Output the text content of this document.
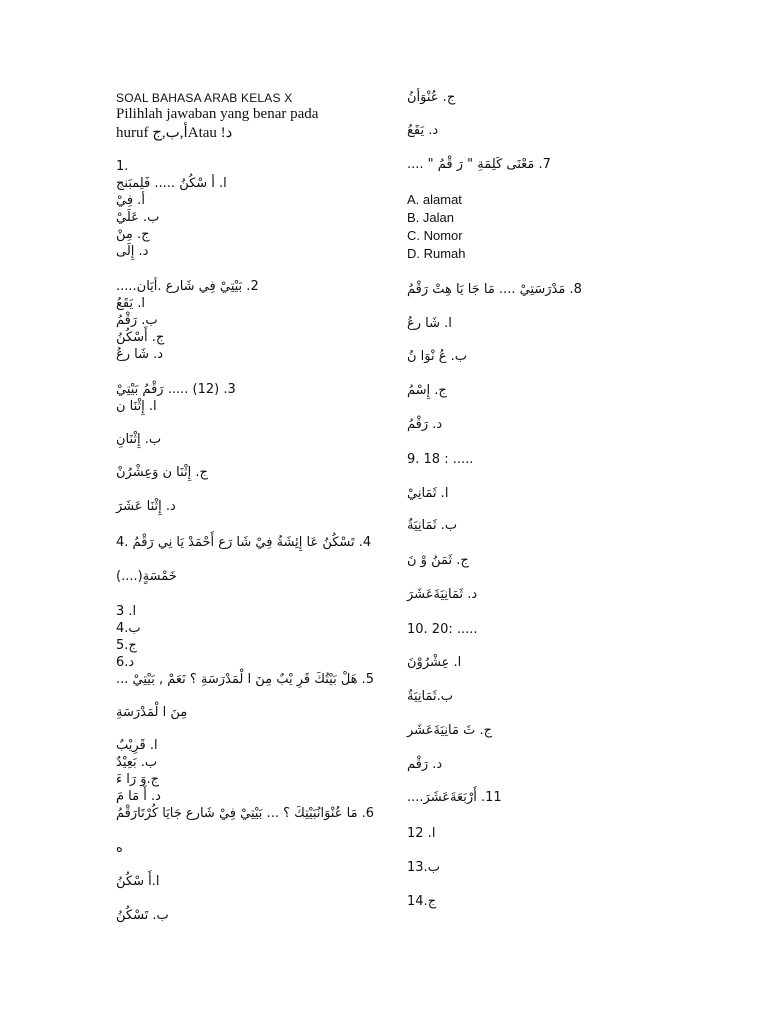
SOAL BAHASA ARAB KELAS X
Pilihlah jawaban yang benar pada
huruf أ,ب,جAtau !د
1.
ا. أ سْكُنُ ..... فَلِمبَنج
أ. فِيْ
ب. عَلَيْ
ج. مِنْ
د. إِلَى
2. بَيْتِيْ فِي شَارع .أيَان.....
ا. يَقَعُ
ب. رَقْمُ
ج. أَسْكُنُ
د. شَا رعُ
3. (12) ..... رَقْمُ بَيْتِيْ
ا. إِثْنَا ن
ب. إِثْنَانِ
ج. إِثْنَا ن وَعِشْرُنْ
د. إِثْنَا عَشَرَ
4. تَسْكُنُ عَا إِئِشَةُ فِيْ شَا رَع أَحْمَدْ يَا نِي رَقْمُ .4
خَمْسَةٍ(....)
ا. 3
4.ب
5.ج
6.د
5. هَلْ بَيْتُكَ قَرِ يْبٌ مِنَ ا لْمَدْرَسَةِ ؟ نَعَمْ , بَيْتِيْ ...
مِنَ ا لْمَدْرَسَةِ
ا. قَرِيْبٌ
ب. بَعِيْدٌ
ج.وَ رَا ءَ
د. أَ مَا مَ
6. مَا عُنْوَانُبَيْتِكَ ؟ ... بَيْتِيْ فِيْ شَارع جَايَا كُرْتَارَقْمُ
ه
ا.أَ سْكُنُ
ب. تَسْكُنُ
ج. عُنْوَأنُ
د. يَقَعُ
7. مَعْنَى كَلِمَةِ " رَ قْمُ " ....
A. alamat
B. Jalan
C. Nomor
D. Rumah
8. مَدْرَسَتِيْ .... مَا جَا يَا هِتْ رَقْمُ
ا. شَا رعُ
ب. عُ نْوَا نُ
ج. إِسْمُ
د. رَقْمُ
9. 18 : .....
ا. ثَمَانِيْ
ب. ثَمَانِيَةٌ
ج. ثَمَنُ وْ نَ
د. ثَمَانِيَةَعَشَرَ
10. 20: .....
ا. عِشْرُوْنَ
ب.ثَمَانِيَةٌ
ج. ثَ مَانِيَةَعَشَر
د. رَقْم
11. أَرْبَعَةَعَشَرَ....
12 .ا
13.ب
14.ج
